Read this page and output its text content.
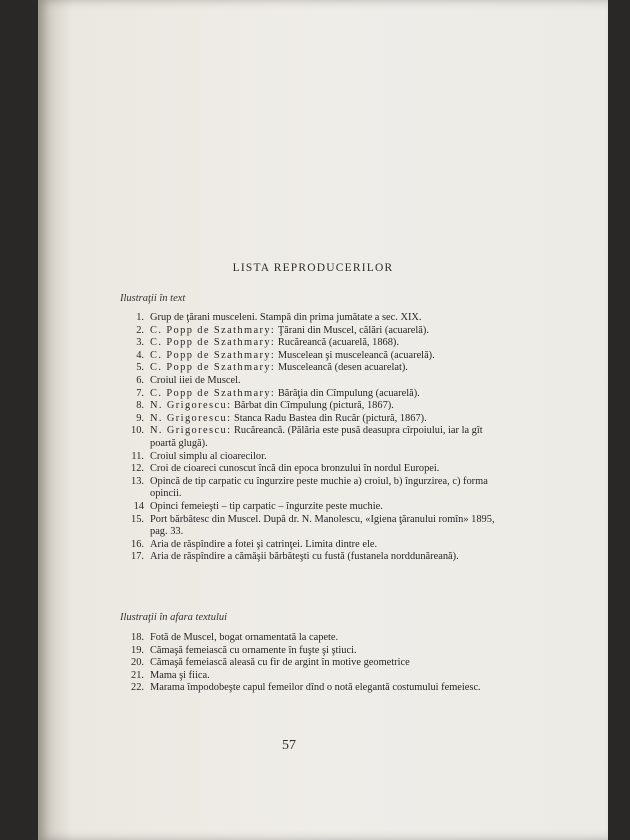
LISTA REPRODUCERILOR
Ilustraţii în text
1. Grup de ţărani musceleni. Stampă din prima jumătate a sec. XIX.
2. C. Popp de Szathmary: Ţărani din Muscel, călări (acuarelă).
3. C. Popp de Szathmary: Rucăreancă (acuarelă, 1868).
4. C. Popp de Szathmary: Muscelean şi musceleancă (acuarelă).
5. C. Popp de Szathmary: Musceleancă (desen acuarelat).
6. Croiul iiei de Muscel.
7. C. Popp de Szathmary: Bărăţia din Cîmpulung (acuarelă).
8. N. Grigorescu: Bărbat din Cîmpulung (pictură, 1867).
9. N. Grigorescu: Stanca Radu Bastea din Rucăr (pictură, 1867).
10. N. Grigorescu: Rucăreancă. (Pălăria este pusă deasupra cîrpoiului, iar la gît poartă glugă).
11. Croiul simplu al cioarecilor.
12. Croi de cioareci cunoscut încă din epoca bronzului în nordul Europei.
13. Opincă de tip carpatic cu îngurzire peste muchie a) croiul, b) îngurzirea, c) forma opincii.
14 Opinci femeieşti – tip carpatic – îngurzite peste muchie.
15. Port bărbătesc din Muscel. După dr. N. Manolescu, «Igiena ţăranului romîn» 1895, pag. 33.
16. Aria de răspîndire a fotei şi catrinţei. Limita dintre ele.
17. Aria de răspîndire a cămăşii bărbăteşti cu fustă (fustanela norddunăreană).
Ilustraţii în afara textului
18. Fotă de Muscel, bogat ornamentată la capete.
19. Cămaşă femeiască cu ornamente în fuşte şi ştiuci.
20. Cămaşă femeiască aleasă cu fir de argint în motive geometrice
21. Mama şi fiica.
22. Marama împodobeşte capul femeilor dînd o notă elegantă costumului femeiesc.
57
